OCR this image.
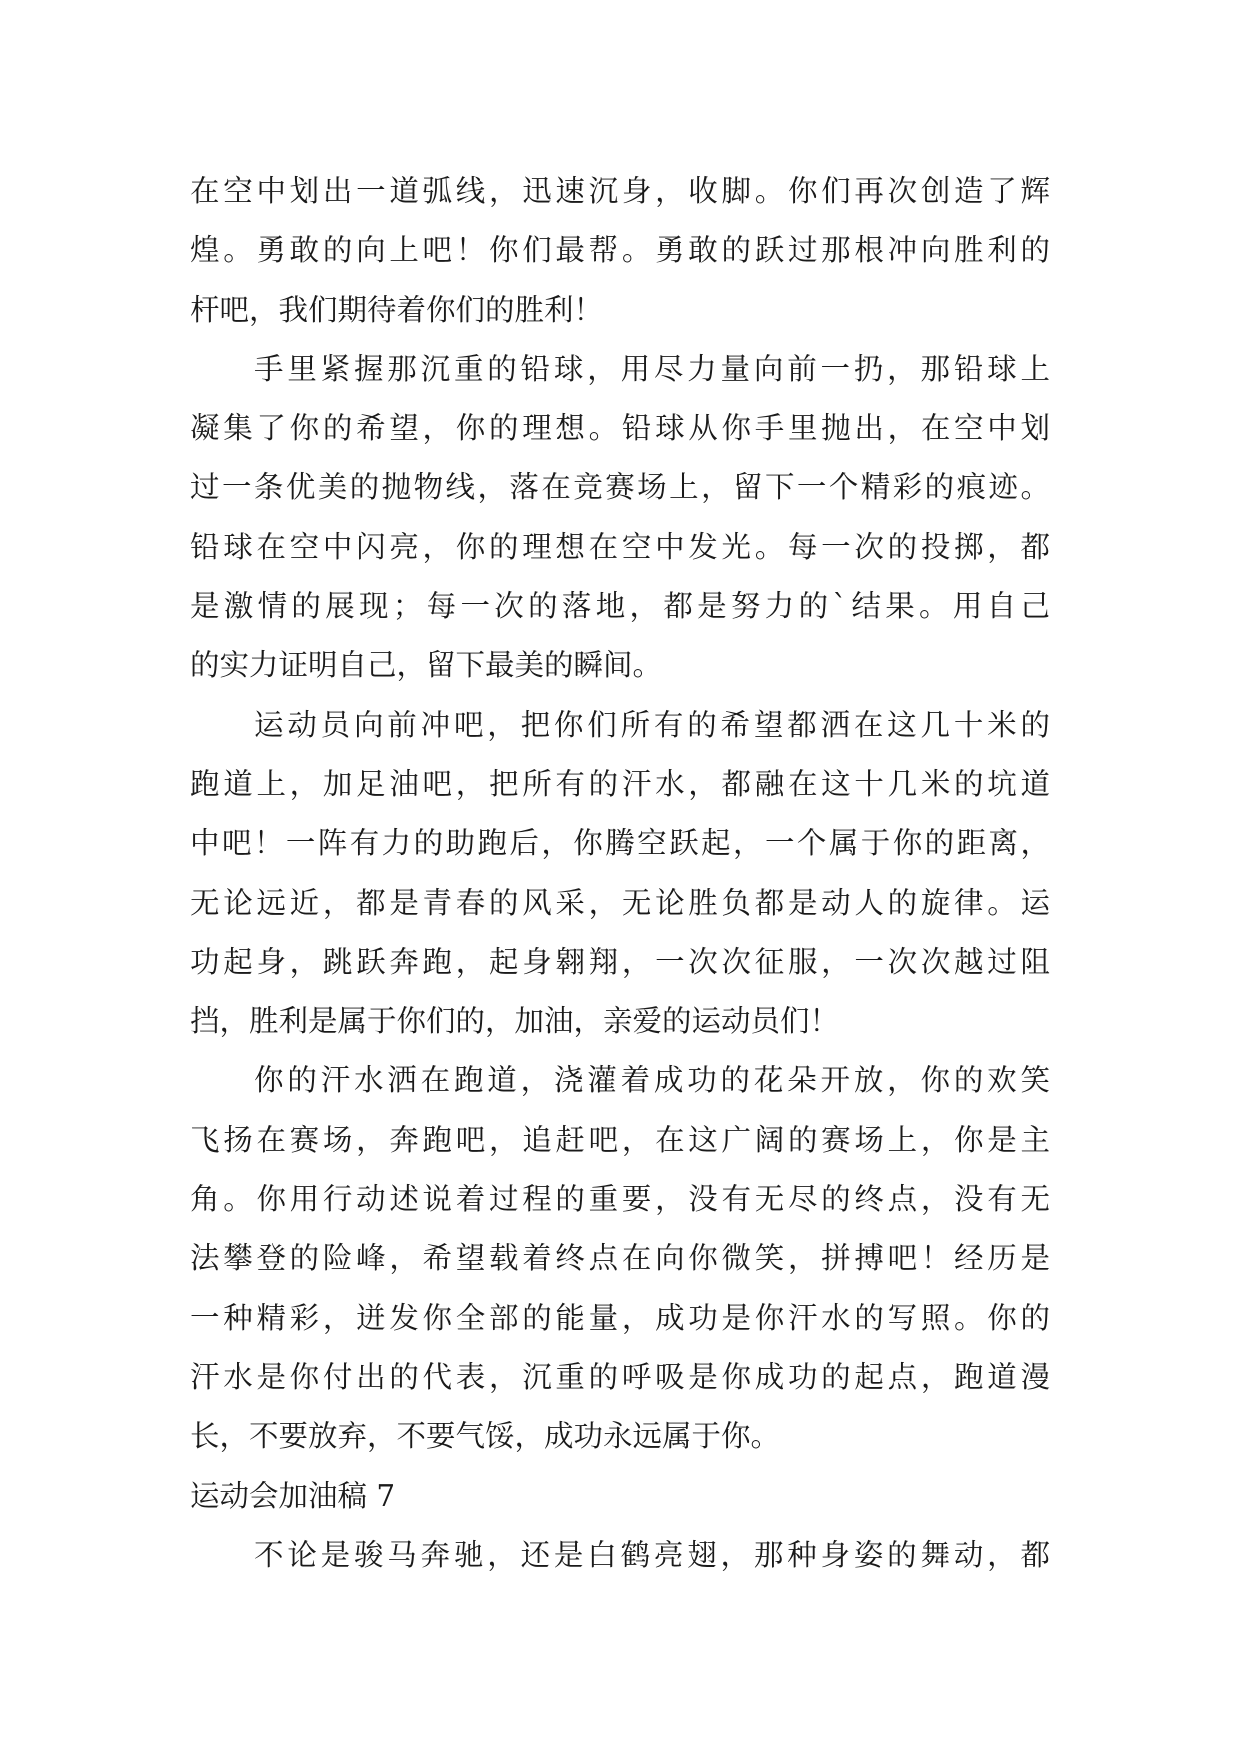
在空中划出一道弧线，迅速沉身，收脚。你们再次创造了辉
煌。勇敢的向上吧！你们最帮。勇敢的跃过那根冲向胜利的
杆吧，我们期待着你们的胜利！
手里紧握那沉重的铅球，用尽力量向前一扔，那铅球上
凝集了你的希望，你的理想。铅球从你手里抛出，在空中划
过一条优美的抛物线，落在竞赛场上，留下一个精彩的痕迹。
铅球在空中闪亮，你的理想在空中发光。每一次的投掷，都
是激情的展现；每一次的落地，都是努力的`结果。用自己
的实力证明自己，留下最美的瞬间。
运动员向前冲吧，把你们所有的希望都洒在这几十米的
跑道上，加足油吧，把所有的汗水，都融在这十几米的坑道
中吧！一阵有力的助跑后，你腾空跃起，一个属于你的距离，
无论远近，都是青春的风采，无论胜负都是动人的旋律。运
功起身，跳跃奔跑，起身翱翔，一次次征服，一次次越过阻
挡，胜利是属于你们的，加油，亲爱的运动员们！
你的汗水洒在跑道，浇灌着成功的花朵开放，你的欢笑
飞扬在赛场，奔跑吧，追赶吧，在这广阔的赛场上，你是主
角。你用行动述说着过程的重要，没有无尽的终点，没有无
法攀登的险峰，希望载着终点在向你微笑，拼搏吧！经历是
一种精彩，迸发你全部的能量，成功是你汗水的写照。你的
汗水是你付出的代表，沉重的呼吸是你成功的起点，跑道漫
长，不要放弃，不要气馁，成功永远属于你。
运动会加油稿 7
不论是骏马奔驰，还是白鹤亮翅，那种身姿的舞动，都
